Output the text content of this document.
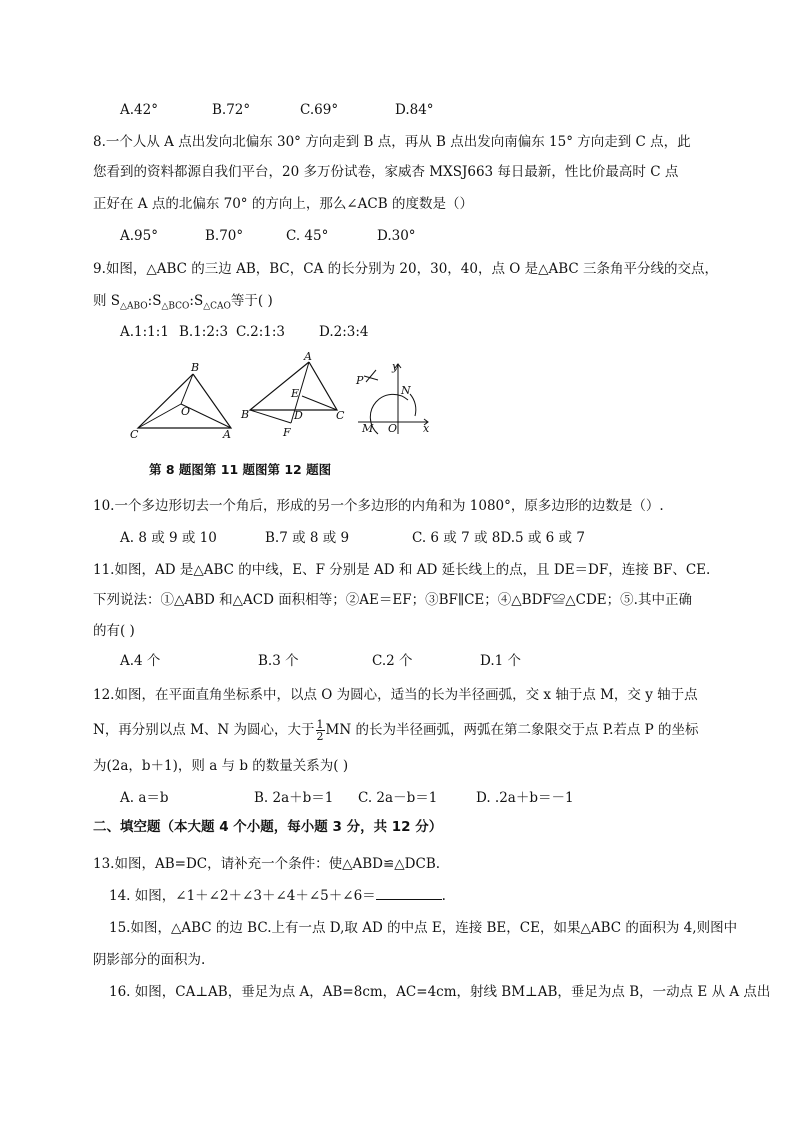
A.42°	B.72°	C.69°	D.84°
8.一个人从 A 点出发向北偏东 30° 方向走到 B 点，再从 B 点出发向南偏东 15° 方向走到 C 点，此
您看到的资料都源自我们平台，20 多万份试卷，家威杏 MXSJ663 每日最新，性比价最高时 C 点
正好在 A 点的北偏东 70° 的方向上，那么∠ACB 的度数是（）
A.95°	B.70°	C. 45°	D.30°
9.如图，△ABC 的三边 AB，BC，CA 的长分别为 20，30，40，点 O 是△ABC 三条角平分线的交点，
则 $S_{\triangle ABO}:S_{\triangle BCO}:S_{\triangle CAO}$等于( )
A.1:1:1 B.1:2:3 C.2:1:3	D.2:3:4
B
C	A
O
A
E
B	D	C
F
y
P
N
M O x
第 8 题图第 11 题图第 12 题图
10.一个多边形切去一个角后，形成的另一个多边形的内角和为 1080°，原多边形的边数是（）.
A. 8 或 9 或 10	B.7 或 8 或 9	C. 6 或 7 或 8D.5 或 6 或 7
11.如图，AD 是△ABC 的中线，E、F 分别是 AD 和 AD 延长线上的点，且 DE＝DF，连接 BF、CE.
下列说法：①△ABD 和△ACD 面积相等；②AE＝EF；③BF∥CE；④△BDF≌△CDE；⑤.其中正确
的有( )
A.4 个	B.3 个	C.2 个	D.1 个
12.如图，在平面直角坐标系中，以点 O 为圆心，适当的长为半径画弧，交 x 轴于点 M，交 y 轴于点
N，再分别以点 M、N 为圆心，大于 $\frac{1}{2}$ MN 的长为半径画弧，两弧在第二象限交于点 P.若点 P 的坐标
为(2a，b＋1)，则 a 与 b 的数量关系为( )
A. a＝b	B. 2a＋b＝1 C. 2a－b＝1	D. .2a＋b＝－1
二、填空题（本大题 4 个小题，每小题 3 分，共 12 分）
13.如图，AB=DC，请补充一个条件：使△ABD≌△DCB.
14. 如图，∠1＋∠2＋∠3＋∠4＋∠5＋∠6＝	.
15.如图，△ABC 的边 BC.上有一点 D,取 AD 的中点 E，连接 BE，CE，如果△ABC 的面积为 4,则图中
阴影部分的面积为.
16. 如图，CA⊥AB，垂足为点 A，AB=8cm，AC=4cm，射线 BM⊥AB，垂足为点 B，一动点 E 从 A 点出
